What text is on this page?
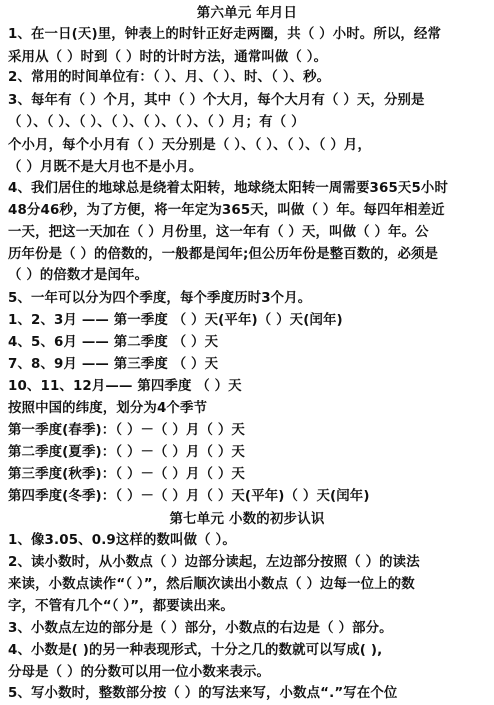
第六单元 年月日
1、在一日(天)里，钟表上的时针正好走两圈，共（ ）小时。所以，经常
采用从（ ）时到（ ）时的计时方法，通常叫做（ ）。
2、常用的时间单位有：（ ）、月、（ ）、时、（ ）、秒。
3、每年有（ ）个月，其中（ ）个大月，每个大月有（ ）天，分别是
（ ）、（ ）、（ ）、（ ）、（ ）、（ ）、（ ）月；有（ ）
个小月，每个小月有（ ）天分别是（ ）、（ ）、（ ）、（ ）月，
（ ）月既不是大月也不是小月。
4、我们居住的地球总是绕着太阳转，地球绕太阳转一周需要365天5小时
48分46秒，为了方便，将一年定为365天，叫做（ ）年。每四年相差近
一天，把这一天加在（ ）月份里，这一年有（ ）天，叫做（ ）年。公
历年份是（ ）的倍数的，一般都是闰年;但公历年份是整百数的，必须是
（ ）的倍数才是闰年。
5、一年可以分为四个季度，每个季度历时3个月。
1、2、3月 —— 第一季度 （ ）天(平年)（ ）天(闰年)
4、5、6月 —— 第二季度 （ ）天
7、8、9月 —— 第三季度 （ ）天
10、11、12月—— 第四季度 （ ）天
按照中国的纬度，划分为4个季节
第一季度(春季)：（ ）－（ ）月（ ）天
第二季度(夏季)：（ ）－（ ）月（ ）天
第三季度(秋季)：（ ）－（ ）月（ ）天
第四季度(冬季)：（ ）－（ ）月（ ）天(平年)（ ）天(闰年)
第七单元 小数的初步认识
1、像3.05、0.9这样的数叫做（ ）。
2、读小数时，从小数点（ ）边部分读起，左边部分按照（ ）的读法
来读，小数点读作“（ ）”，然后顺次读出小数点（ ）边每一位上的数
字，不管有几个“（ ）”，都要读出来。
3、小数点左边的部分是（ ）部分，小数点的右边是（ ）部分。
4、小数是( )的另一种表现形式，十分之几的数就可以写成( ),
分母是（ ）的分数可以用一位小数来表示。
5、写小数时，整数部分按（ ）的写法来写，小数点“.”写在个位
